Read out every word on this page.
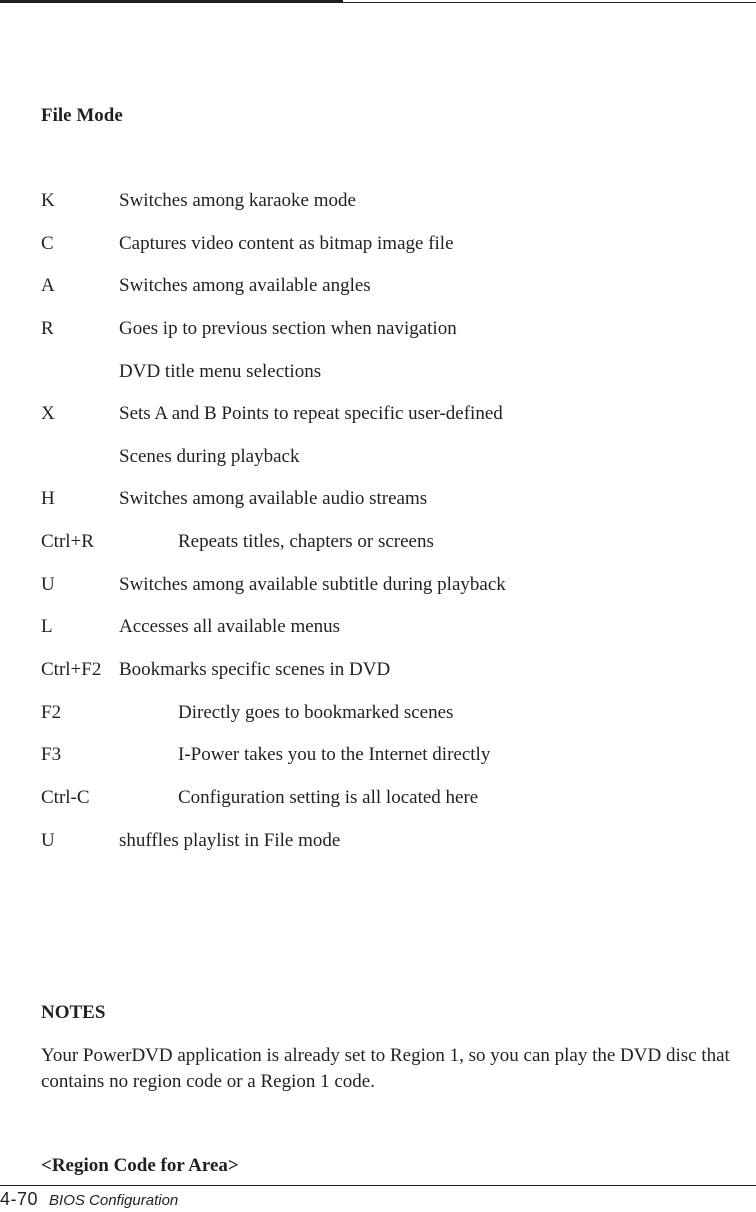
File Mode
K	Switches among karaoke mode
C	Captures video content as bitmap image file
A	Switches among available angles
R	Goes ip to previous section when navigation
DVD title menu selections
X	Sets A and B Points to repeat specific user-defined
Scenes during playback
H	Switches among available audio streams
Ctrl+R	Repeats titles, chapters or screens
U	Switches among available subtitle during playback
L	Accesses all available menus
Ctrl+F2 Bookmarks specific scenes in DVD
F2	Directly goes to bookmarked scenes
F3	I-Power takes you to the Internet directly
Ctrl-C	Configuration setting is all located here
U	shuffles playlist in File mode
NOTES

Your PowerDVD application is already set to Region 1, so you can play the DVD disc that contains no region code or a Region 1 code.

<Region Code for Area>
4-70 BIOS Configuration
